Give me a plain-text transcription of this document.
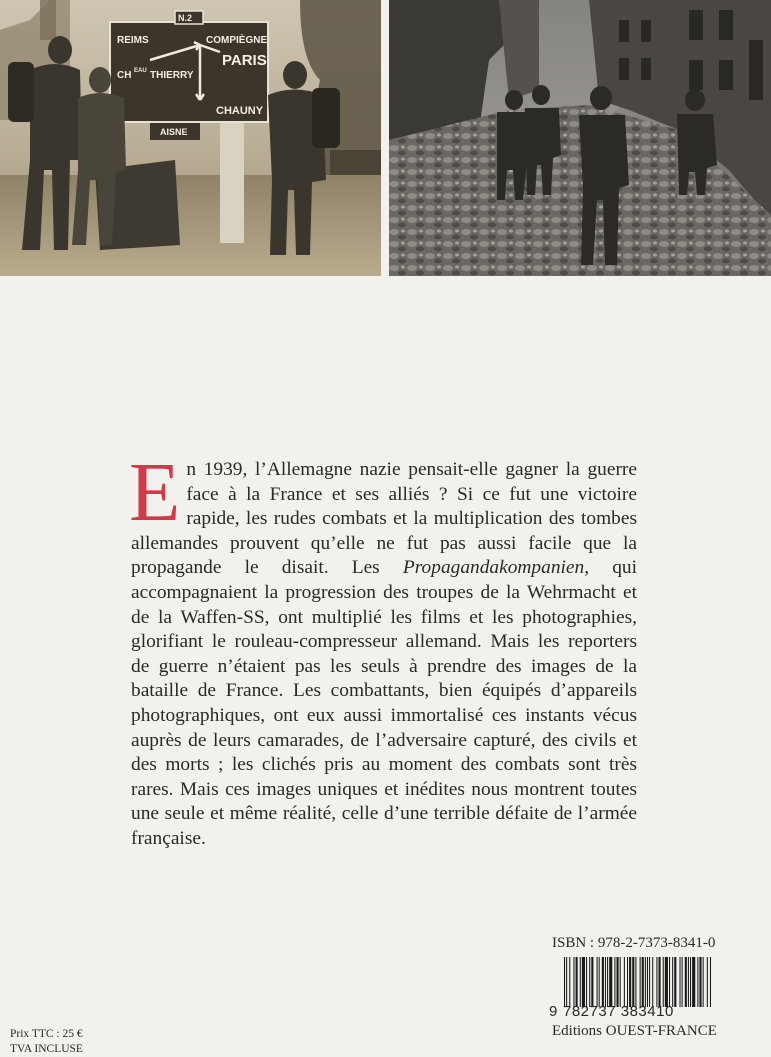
AISNE
N.2
REIMS	COMPIÈGNE
PARIS
CH EAU THIERRY
CHAUNY
En 1939, l’Allemagne nazie pensait-elle gagner la guerre face à la France et ses alliés ? Si ce fut une victoire rapide, les rudes combats et la multiplication des tombes allemandes prouvent qu’elle ne fut pas aussi facile que la propagande le disait. Les Propagandakompanien, qui accompagnaient la progression des troupes de la Wehrmacht et de la Waffen-SS, ont multiplié les films et les photographies, glorifiant le rouleau-compresseur allemand. Mais les reporters de guerre n’étaient pas les seuls à prendre des images de la bataille de France. Les combattants, bien équipés d’appareils photographiques, ont eux aussi immortalisé ces instants vécus auprès de leurs camarades, de l’adversaire capturé, des civils et des morts ; les clichés pris au moment des combats sont très rares. Mais ces images uniques et inédites nous montrent toutes une seule et même réalité, celle d’une terrible défaite de l’armée française.
ISBN : 978-2-7373-8341-0
9 782737 383410
Editions OUEST-FRANCE
Prix TTC : 25 €
TVA INCLUSE
